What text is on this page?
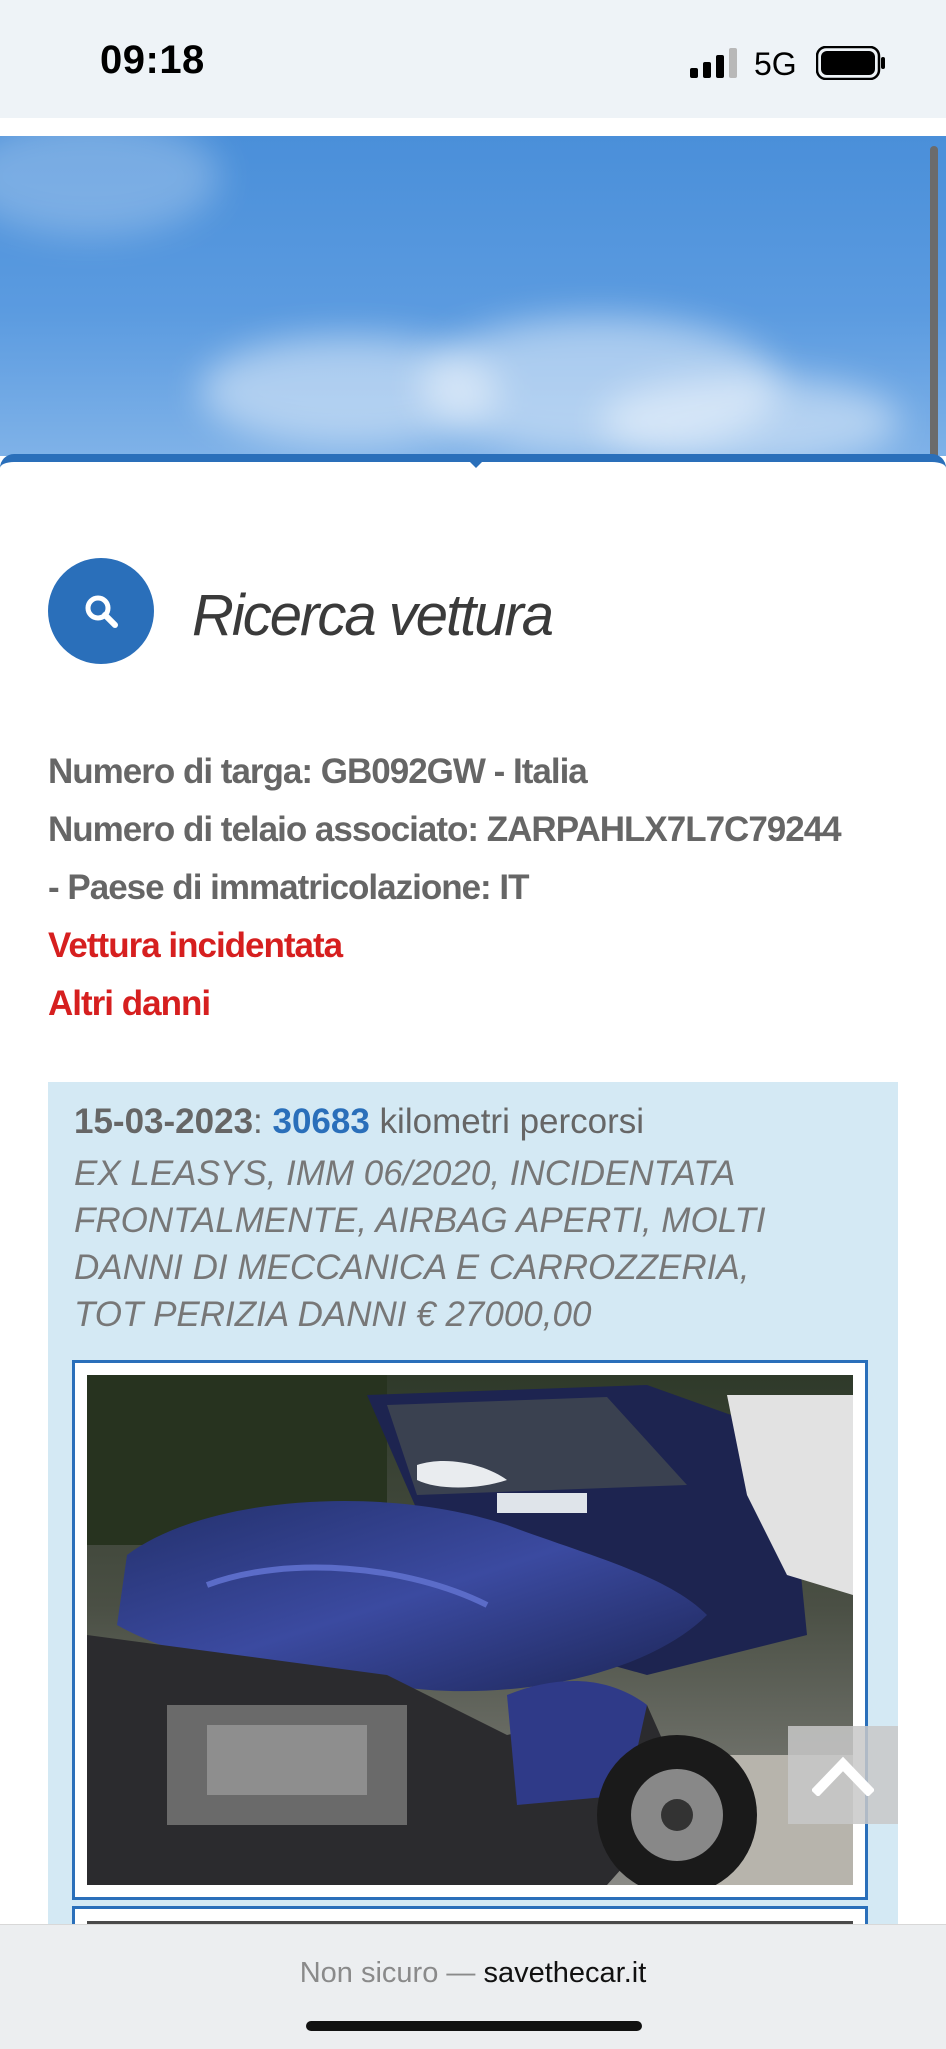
09:18	5G
Ricerca vettura
Numero di targa: GB092GW - Italia
Numero di telaio associato: ZARPAHLX7L7C79244
- Paese di immatricolazione: IT
Vettura incidentata
Altri danni
15-03-2023: 30683 kilometri percorsi
EX LEASYS, IMM 06/2020, INCIDENTATA
FRONTALMENTE, AIRBAG APERTI, MOLTI
DANNI DI MECCANICA E CARROZZERIA,
TOT PERIZIA DANNI € 27000,00
Non sicuro — savethecar.it
